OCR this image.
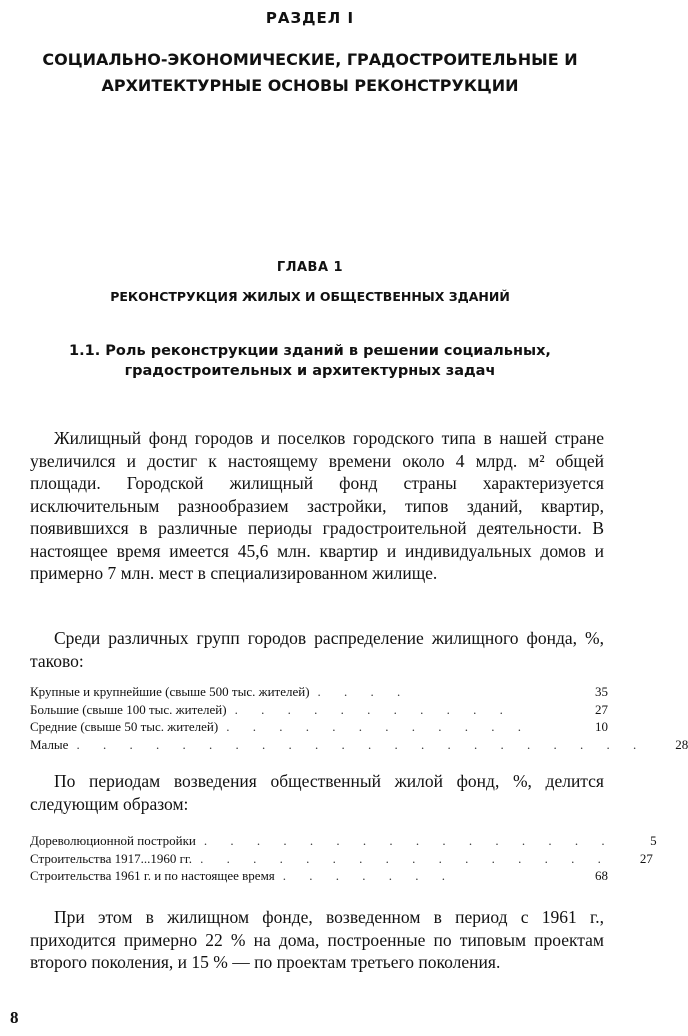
РАЗДЕЛ I
СОЦИАЛЬНО-ЭКОНОМИЧЕСКИЕ, ГРАДОСТРОИТЕЛЬНЫЕ И АРХИТЕКТУРНЫЕ ОСНОВЫ РЕКОНСТРУКЦИИ
ГЛАВА 1
РЕКОНСТРУКЦИЯ ЖИЛЫХ И ОБЩЕСТВЕННЫХ ЗДАНИЙ
1.1. Роль реконструкции зданий в решении социальных, градостроительных и архитектурных задач

Жилищный фонд городов и поселков городского типа в нашей стране увеличился и достиг к настоящему времени около 4 млрд. м² общей площади. Городской жилищный фонд страны характеризуется исключительным разнообразием застройки, типов зданий, квартир, появившихся в различные периоды градостроительной деятельности. В настоящее время имеется 45,6 млн. квартир и индивидуальных домов и примерно 7 млн. мест в специализированном жилище.

Среди различных групп городов распределение жилищного фонда, %, таково:

Крупные и крупнейшие (свыше 500 тыс. жителей) . . . .	35
Большие (свыше 100 тыс. жителей) . . . . . . . . . . .	27
Средние (свыше 50 тыс. жителей) . . . . . . . . . . . .	10
Малые . . . . . . . . . . . . . . . . . . . . . .	28

По периодам возведения общественный жилой фонд, %, делится следующим образом:

Дореволюционной постройки . . . . . . . . . . . . . . . .	5
Строительства 1917...1960 гг. . . . . . . . . . . . . . . . .	27
Строительства 1961 г. и по настоящее время . . . . . . .	68

При этом в жилищном фонде, возведенном в период с 1961 г., приходится примерно 22 % на дома, построенные по типовым проектам второго поколения, и 15 % — по проектам третьего поколения.

8
